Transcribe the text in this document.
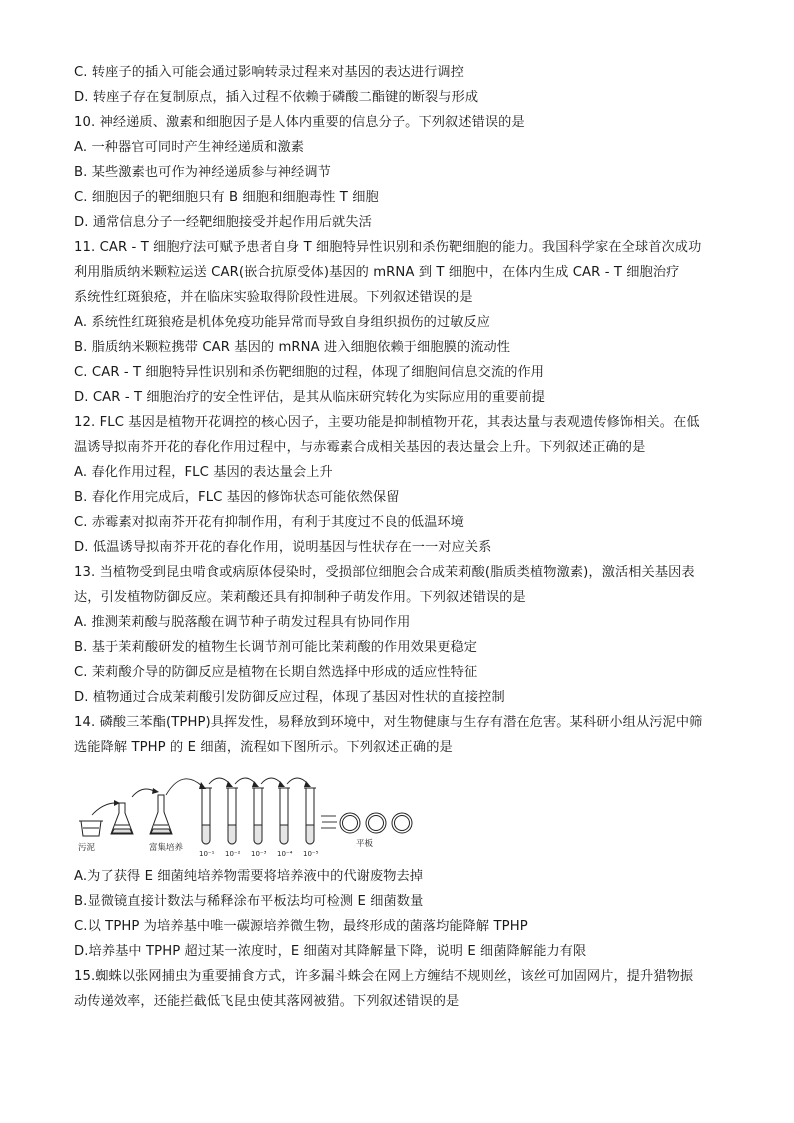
C. 转座子的插入可能会通过影响转录过程来对基因的表达进行调控
D. 转座子存在复制原点，插入过程不依赖于磷酸二酯键的断裂与形成
10. 神经递质、激素和细胞因子是人体内重要的信息分子。下列叙述错误的是
A. 一种器官可同时产生神经递质和激素
B. 某些激素也可作为神经递质参与神经调节
C. 细胞因子的靶细胞只有 B 细胞和细胞毒性 T 细胞
D. 通常信息分子一经靶细胞接受并起作用后就失活
11. CAR - T 细胞疗法可赋予患者自身 T 细胞特异性识别和杀伤靶细胞的能力。我国科学家在全球首次成功
利用脂质纳米颗粒运送 CAR(嵌合抗原受体)基因的 mRNA 到 T 细胞中，在体内生成 CAR - T 细胞治疗
系统性红斑狼疮，并在临床实验取得阶段性进展。下列叙述错误的是
A. 系统性红斑狼疮是机体免疫功能异常而导致自身组织损伤的过敏反应
B. 脂质纳米颗粒携带 CAR 基因的 mRNA 进入细胞依赖于细胞膜的流动性
C. CAR - T 细胞特异性识别和杀伤靶细胞的过程，体现了细胞间信息交流的作用
D. CAR - T 细胞治疗的安全性评估，是其从临床研究转化为实际应用的重要前提
12. FLC 基因是植物开花调控的核心因子，主要功能是抑制植物开花，其表达量与表观遗传修饰相关。在低
温诱导拟南芥开花的春化作用过程中，与赤霉素合成相关基因的表达量会上升。下列叙述正确的是
A. 春化作用过程，FLC 基因的表达量会上升
B. 春化作用完成后，FLC 基因的修饰状态可能依然保留
C. 赤霉素对拟南芥开花有抑制作用，有利于其度过不良的低温环境
D. 低温诱导拟南芥开花的春化作用，说明基因与性状存在一一对应关系
13. 当植物受到昆虫啃食或病原体侵染时，受损部位细胞会合成茉莉酸(脂质类植物激素)，激活相关基因表
达，引发植物防御反应。茉莉酸还具有抑制种子萌发作用。下列叙述错误的是
A. 推测茉莉酸与脱落酸在调节种子萌发过程具有协同作用
B. 基于茉莉酸研发的植物生长调节剂可能比茉莉酸的作用效果更稳定
C. 茉莉酸介导的防御反应是植物在长期自然选择中形成的适应性特征
D. 植物通过合成茉莉酸引发防御反应过程，体现了基因对性状的直接控制
14. 磷酸三苯酯(TPHP)具挥发性，易释放到环境中，对生物健康与生存有潜在危害。某科研小组从污泥中筛
选能降解 TPHP 的 E 细菌，流程如下图所示。下列叙述正确的是
污泥	富集培养
10⁻¹ 10⁻² 10⁻³ 10⁻⁴ 10⁻⁵
平板
A.为了获得 E 细菌纯培养物需要将培养液中的代谢废物去掉
B.显微镜直接计数法与稀释涂布平板法均可检测 E 细菌数量
C.以 TPHP 为培养基中唯一碳源培养微生物，最终形成的菌落均能降解 TPHP
D.培养基中 TPHP 超过某一浓度时，E 细菌对其降解量下降，说明 E 细菌降解能力有限
15.蜘蛛以张网捕虫为重要捕食方式，许多漏斗蛛会在网上方缠结不规则丝，该丝可加固网片，提升猎物振
动传递效率，还能拦截低飞昆虫使其落网被猎。下列叙述错误的是
